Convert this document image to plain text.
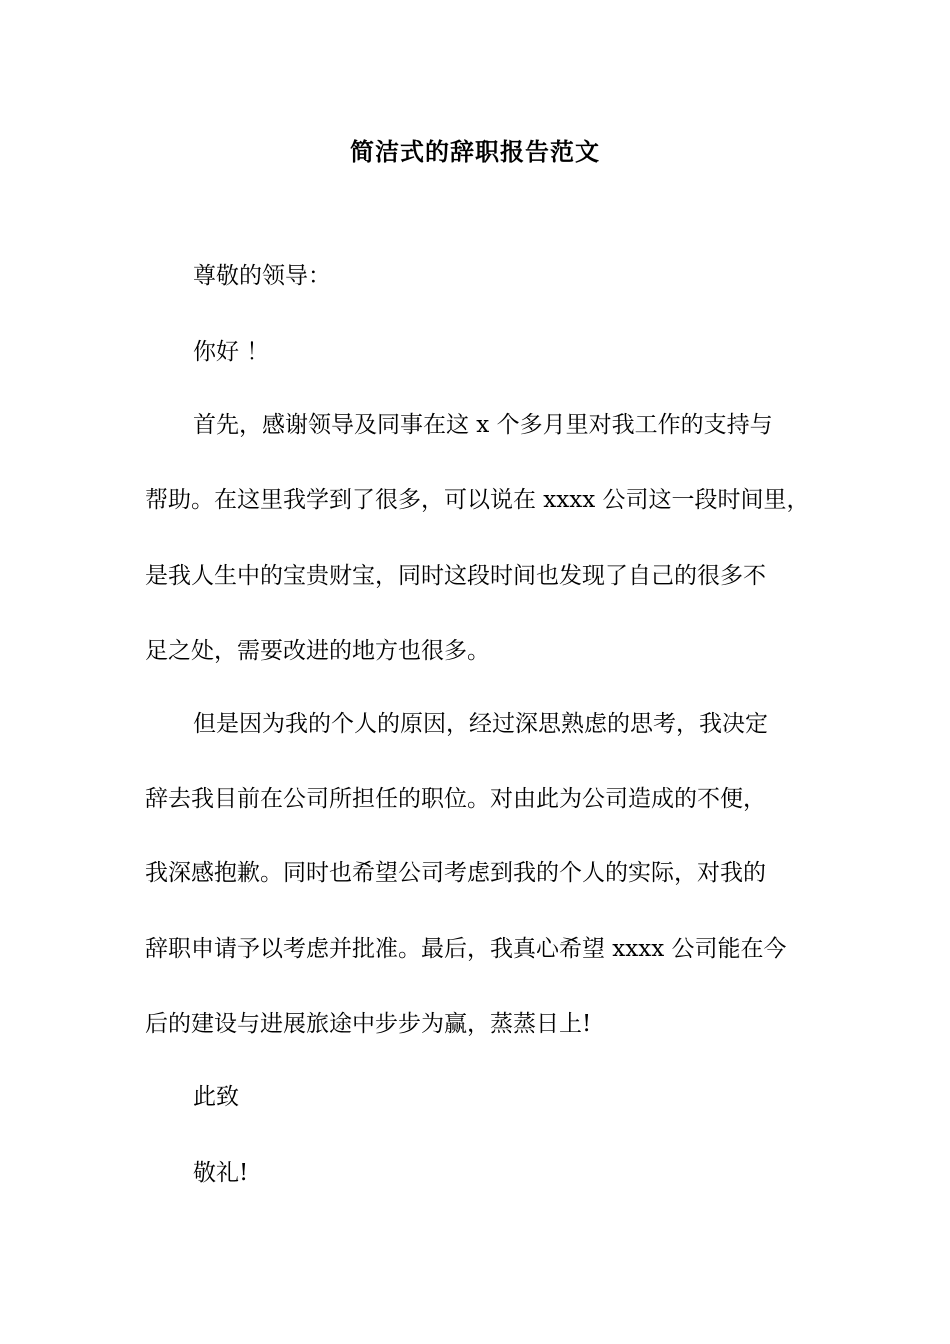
简洁式的辞职报告范文
尊敬的领导：
你好 ！
首先，感谢领导及同事在这 x 个多月里对我工作的支持与
帮助。在这里我学到了很多，可以说在 xxxx 公司这一段时间里，
是我人生中的宝贵财宝，同时这段时间也发现了自己的很多不
足之处，需要改进的地方也很多。
但是因为我的个人的原因，经过深思熟虑的思考，我决定
辞去我目前在公司所担任的职位。对由此为公司造成的不便，
我深感抱歉。同时也希望公司考虑到我的个人的实际，对我的
辞职申请予以考虑并批准。最后，我真心希望 xxxx 公司能在今
后的建设与进展旅途中步步为赢，蒸蒸日上!
此致
敬礼!
